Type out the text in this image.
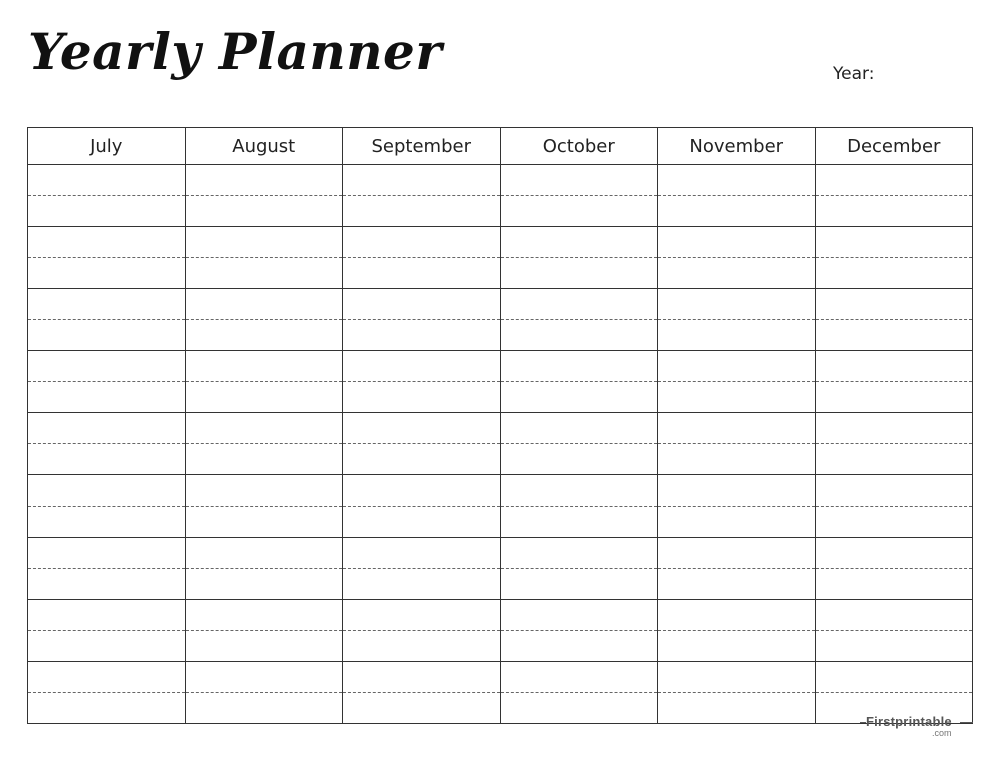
Yearly Planner	Year:
July	August	September	October	November	December

Firstprintable
.com
